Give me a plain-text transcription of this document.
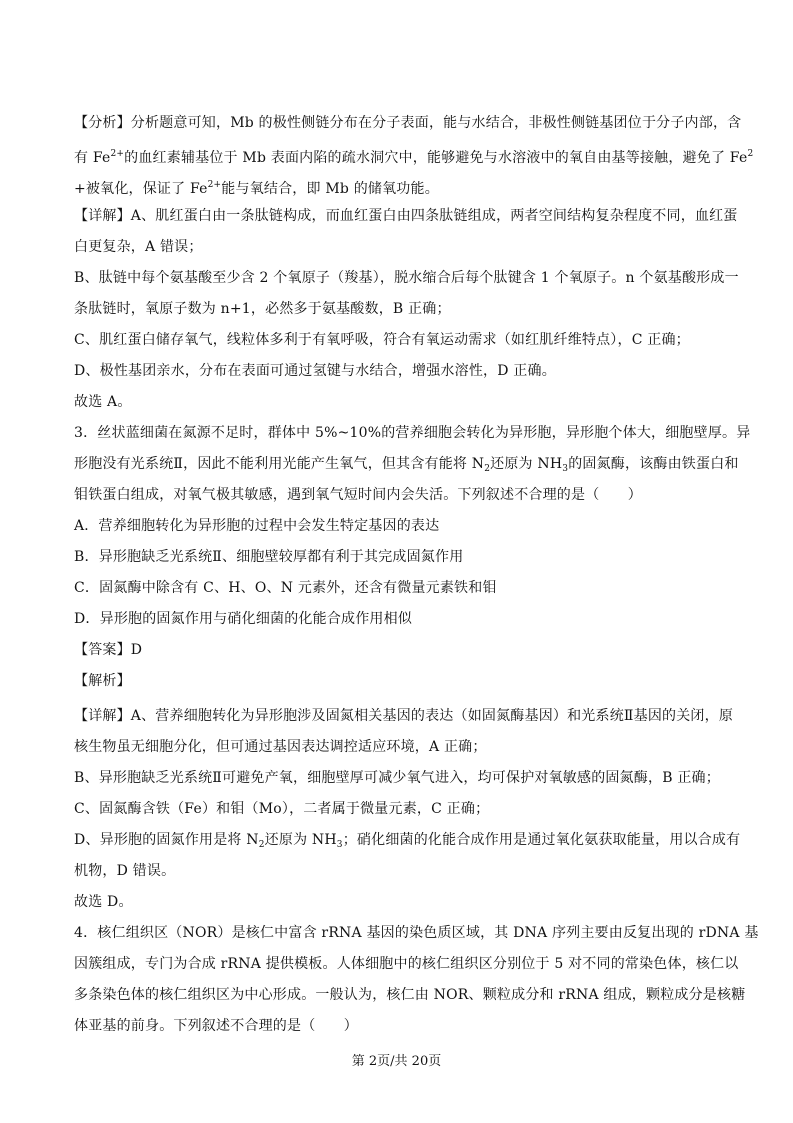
【分析】分析题意可知，Mb 的极性侧链分布在分子表面，能与水结合，非极性侧链基团位于分子内部，含
有 $Fe^{2+}$的血红素辅基位于 Mb 表面内陷的疏水洞穴中，能够避免与水溶液中的氧自由基等接触，避免了 $Fe^2$
+被氧化，保证了 $Fe^{2+}$能与氧结合，即 Mb 的储氧功能。
【详解】A、肌红蛋白由一条肽链构成，而血红蛋白由四条肽链组成，两者空间结构复杂程度不同，血红蛋
白更复杂，A 错误；
B、肽链中每个氨基酸至少含 2 个氧原子（羧基），脱水缩合后每个肽键含 1 个氧原子。n 个氨基酸形成一
条肽链时，氧原子数为 n+1，必然多于氨基酸数，B 正确；
C、肌红蛋白储存氧气，线粒体多利于有氧呼吸，符合有氧运动需求（如红肌纤维特点），C 正确；
D、极性基团亲水，分布在表面可通过氢键与水结合，增强水溶性，D 正确。
故选 A。
3．丝状蓝细菌在氮源不足时，群体中 5%~10%的营养细胞会转化为异形胞，异形胞个体大，细胞壁厚。异
形胞没有光系统Ⅱ，因此不能利用光能产生氧气，但其含有能将 $N_2$还原为 $NH_3$的固氮酶，该酶由铁蛋白和
钼铁蛋白组成，对氧气极其敏感，遇到氧气短时间内会失活。下列叙述不合理的是（　　）
A．营养细胞转化为异形胞的过程中会发生特定基因的表达
B．异形胞缺乏光系统Ⅱ、细胞壁较厚都有利于其完成固氮作用
C．固氮酶中除含有 C、H、O、N 元素外，还含有微量元素铁和钼
D．异形胞的固氮作用与硝化细菌的化能合成作用相似
【答案】D
【解析】
【详解】A、营养细胞转化为异形胞涉及固氮相关基因的表达（如固氮酶基因）和光系统Ⅱ基因的关闭，原
核生物虽无细胞分化，但可通过基因表达调控适应环境，A 正确；
B、异形胞缺乏光系统Ⅱ可避免产氧，细胞壁厚可减少氧气进入，均可保护对氧敏感的固氮酶，B 正确；
C、固氮酶含铁（Fe）和钼（Mo），二者属于微量元素，C 正确；
D、异形胞的固氮作用是将 $N_2$还原为 $NH_3$；硝化细菌的化能合成作用是通过氧化氨获取能量，用以合成有
机物，D 错误。
故选 D。
4．核仁组织区（NOR）是核仁中富含 rRNA 基因的染色质区域，其 DNA 序列主要由反复出现的 rDNA 基
因簇组成，专门为合成 rRNA 提供模板。人体细胞中的核仁组织区分别位于 5 对不同的常染色体，核仁以
多条染色体的核仁组织区为中心形成。一般认为，核仁由 NOR、颗粒成分和 rRNA 组成，颗粒成分是核糖
体亚基的前身。下列叙述不合理的是（　　）
第 2页/共 20页
